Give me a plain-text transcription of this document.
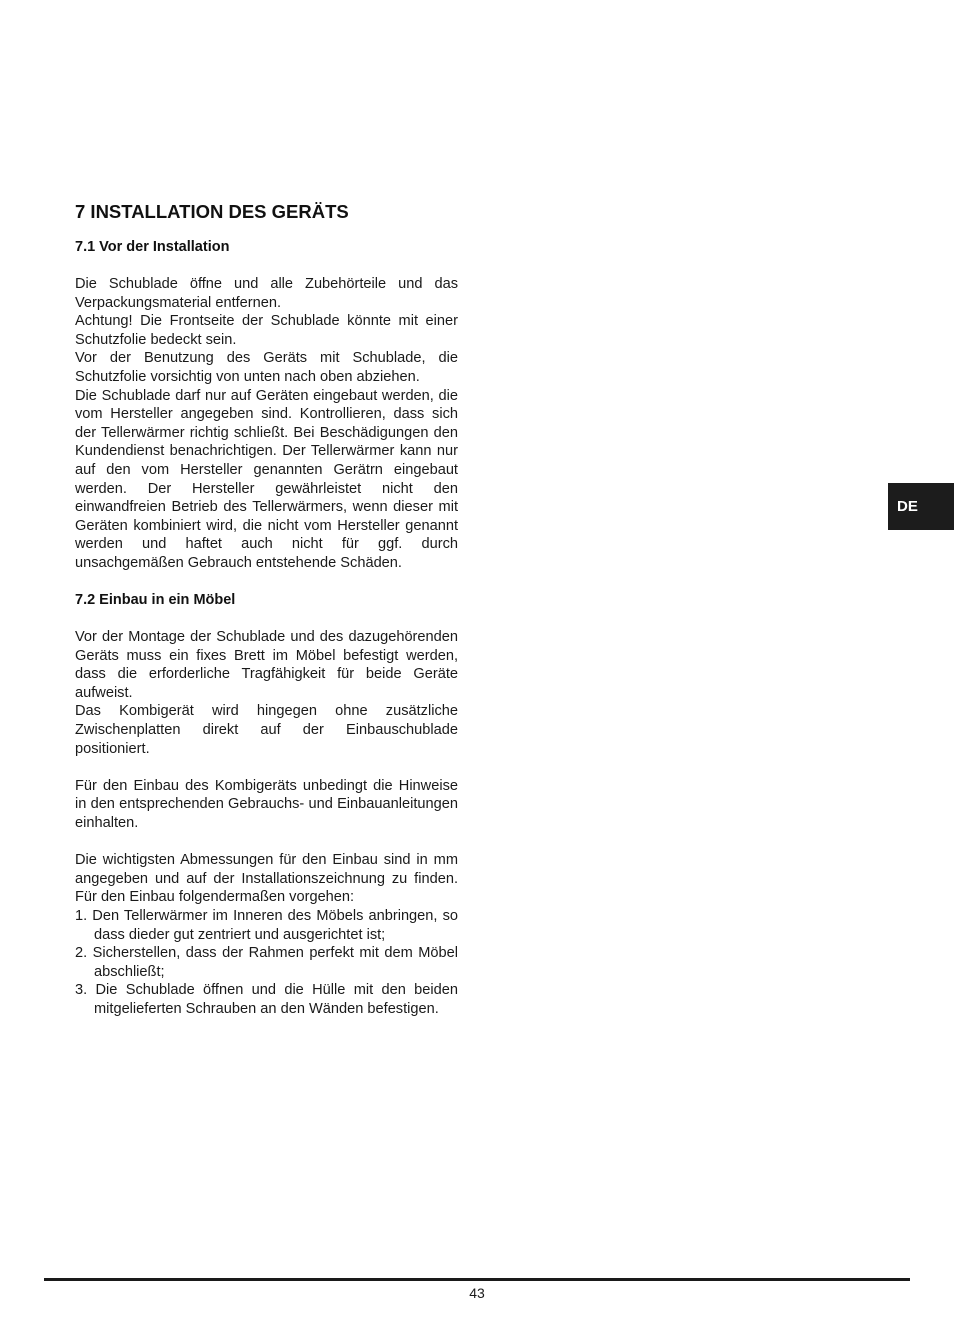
7 INSTALLATION DES GERÄTS
7.1 Vor der Installation

Die Schublade öffne und alle Zubehörteile und das Verpackungsmaterial entfernen.

Achtung! Die Frontseite der Schublade könnte mit einer Schutzfolie bedeckt sein.

Vor der Benutzung des Geräts mit Schublade, die Schutzfolie vorsichtig von unten nach oben abziehen.

Die Schublade darf nur auf Geräten eingebaut werden, die vom Hersteller angegeben sind. Kontrollieren, dass sich der Tellerwärmer richtig schließt. Bei Beschädigungen den Kundendienst benachrichtigen. Der Tellerwärmer kann nur auf den vom Hersteller genannten Gerätrn eingebaut werden. Der Hersteller gewährleistet nicht den einwandfreien Betrieb des Tellerwärmers, wenn dieser mit Geräten kombiniert wird, die nicht vom Hersteller genannt werden und haftet auch nicht für ggf. durch unsachgemäßen Gebrauch entstehende Schäden.

7.2 Einbau in ein Möbel

Vor der Montage der Schublade und des dazugehörenden Geräts muss ein fixes Brett im Möbel befestigt werden, dass die erforderliche Tragfähigkeit für beide Geräte aufweist.

Das Kombigerät wird hingegen ohne zusätzliche Zwischenplatten direkt auf der Einbauschublade positioniert.

Für den Einbau des Kombigeräts unbedingt die Hinweise in den entsprechenden Gebrauchs- und Einbauanleitungen einhalten.

Die wichtigsten Abmessungen für den Einbau sind in mm angegeben und auf der Installationszeichnung zu finden. Für den Einbau folgendermaßen vorgehen:

1. Den Tellerwärmer im Inneren des Möbels anbringen, so dass dieder gut zentriert und ausgerichtet ist;
2. Sicherstellen, dass der Rahmen perfekt mit dem Möbel abschließt;
3. Die Schublade öffnen und die Hülle mit den beiden mitgelieferten Schrauben an den Wänden befestigen.
DE
43
